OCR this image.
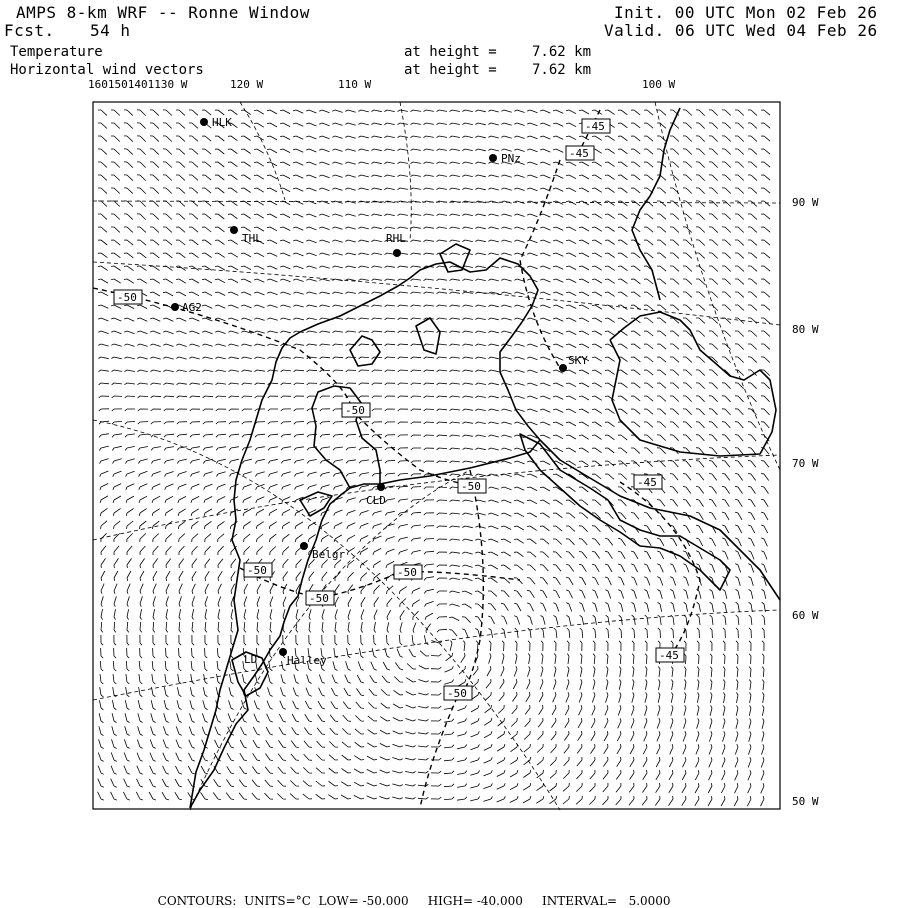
AMPS 8-km WRF -- Ronne Window
Fcst. 54 h
Init. 00 UTC Mon 02 Feb 26
Valid. 06 UTC Wed 04 Feb 26
Temperature	at height =	7.62 km
Horizontal wind vectors	at height =	7.62 km
1601501401130 W	120 W	110 W	100 W
90 W
80 W
70 W
60 W
50 W
-45
-45
-50
-50
-50	-45
-50	-50
-50
-45
-50
HLK
PNz
THL	RHL
AG2
SKY
CLD
Belgr
Halley
LD

CONTOURS: UNITS=°C LOW= -50.000 HIGH= -40.000 INTERVAL= 5.0000
